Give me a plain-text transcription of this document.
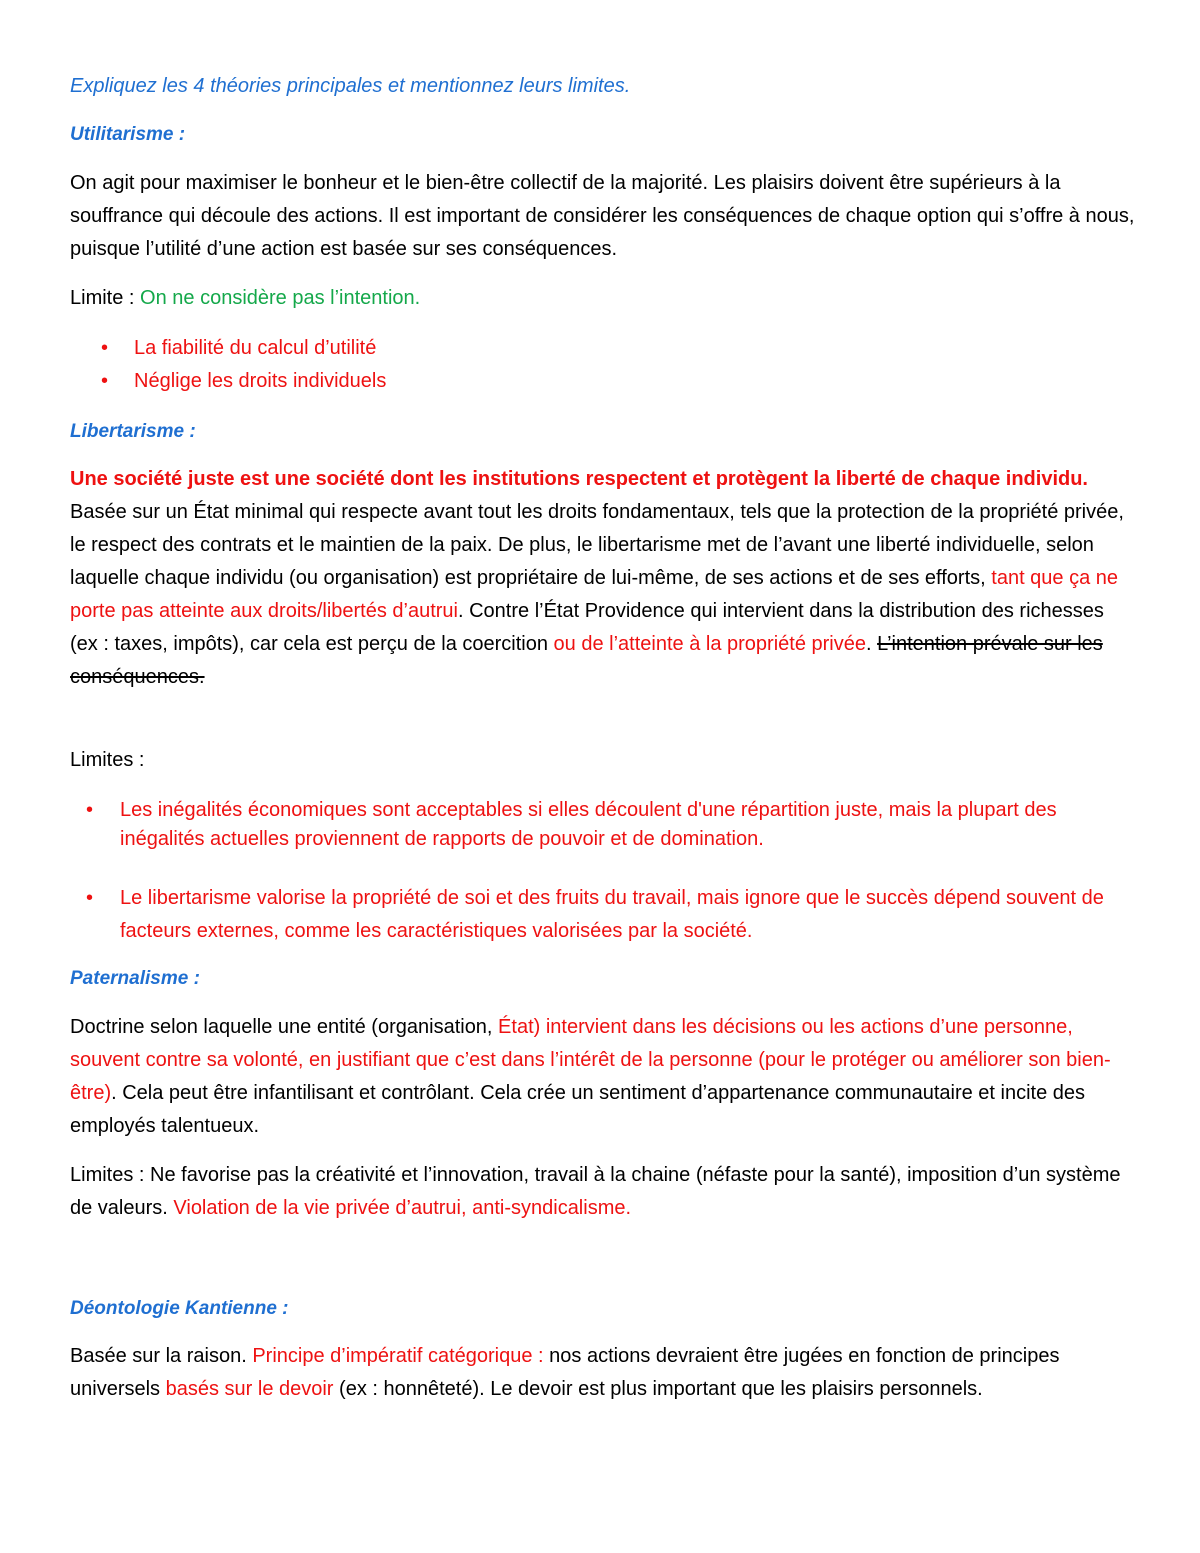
Expliquez les 4 théories principales et mentionnez leurs limites.

Utilitarisme :

On agit pour maximiser le bonheur et le bien-être collectif de la majorité. Les plaisirs doivent être supérieurs à la souffrance qui découle des actions. Il est important de considérer les conséquences de chaque option qui s’offre à nous, puisque l’utilité d’une action est basée sur ses conséquences.

Limite : On ne considère pas l’intention.

• La fiabilité du calcul d’utilité
• Néglige les droits individuels

Libertarisme :

Une société juste est une société dont les institutions respectent et protègent la liberté de chaque individu. Basée sur un État minimal qui respecte avant tout les droits fondamentaux, tels que la protection de la propriété privée, le respect des contrats et le maintien de la paix. De plus, le libertarisme met de l’avant une liberté individuelle, selon laquelle chaque individu (ou organisation) est propriétaire de lui-même, de ses actions et de ses efforts, tant que ça ne porte pas atteinte aux droits/libertés d’autrui. Contre l’État Providence qui intervient dans la distribution des richesses (ex : taxes, impôts), car cela est perçu de la coercition ou de l’atteinte à la propriété privée. L’intention prévale sur les conséquences.

Limites :

• Les inégalités économiques sont acceptables si elles découlent d'une répartition juste, mais la plupart des inégalités actuelles proviennent de rapports de pouvoir et de domination.
• Le libertarisme valorise la propriété de soi et des fruits du travail, mais ignore que le succès dépend souvent de facteurs externes, comme les caractéristiques valorisées par la société.

Paternalisme :

Doctrine selon laquelle une entité (organisation, État) intervient dans les décisions ou les actions d’une personne, souvent contre sa volonté, en justifiant que c’est dans l’intérêt de la personne (pour le protéger ou améliorer son bien-être). Cela peut être infantilisant et contrôlant. Cela crée un sentiment d’appartenance communautaire et incite des employés talentueux.

Limites : Ne favorise pas la créativité et l’innovation, travail à la chaine (néfaste pour la santé), imposition d’un système de valeurs. Violation de la vie privée d’autrui, anti-syndicalisme.

Déontologie Kantienne :

Basée sur la raison. Principe d’impératif catégorique : nos actions devraient être jugées en fonction de principes universels basés sur le devoir (ex : honnêteté). Le devoir est plus important que les plaisirs personnels.
